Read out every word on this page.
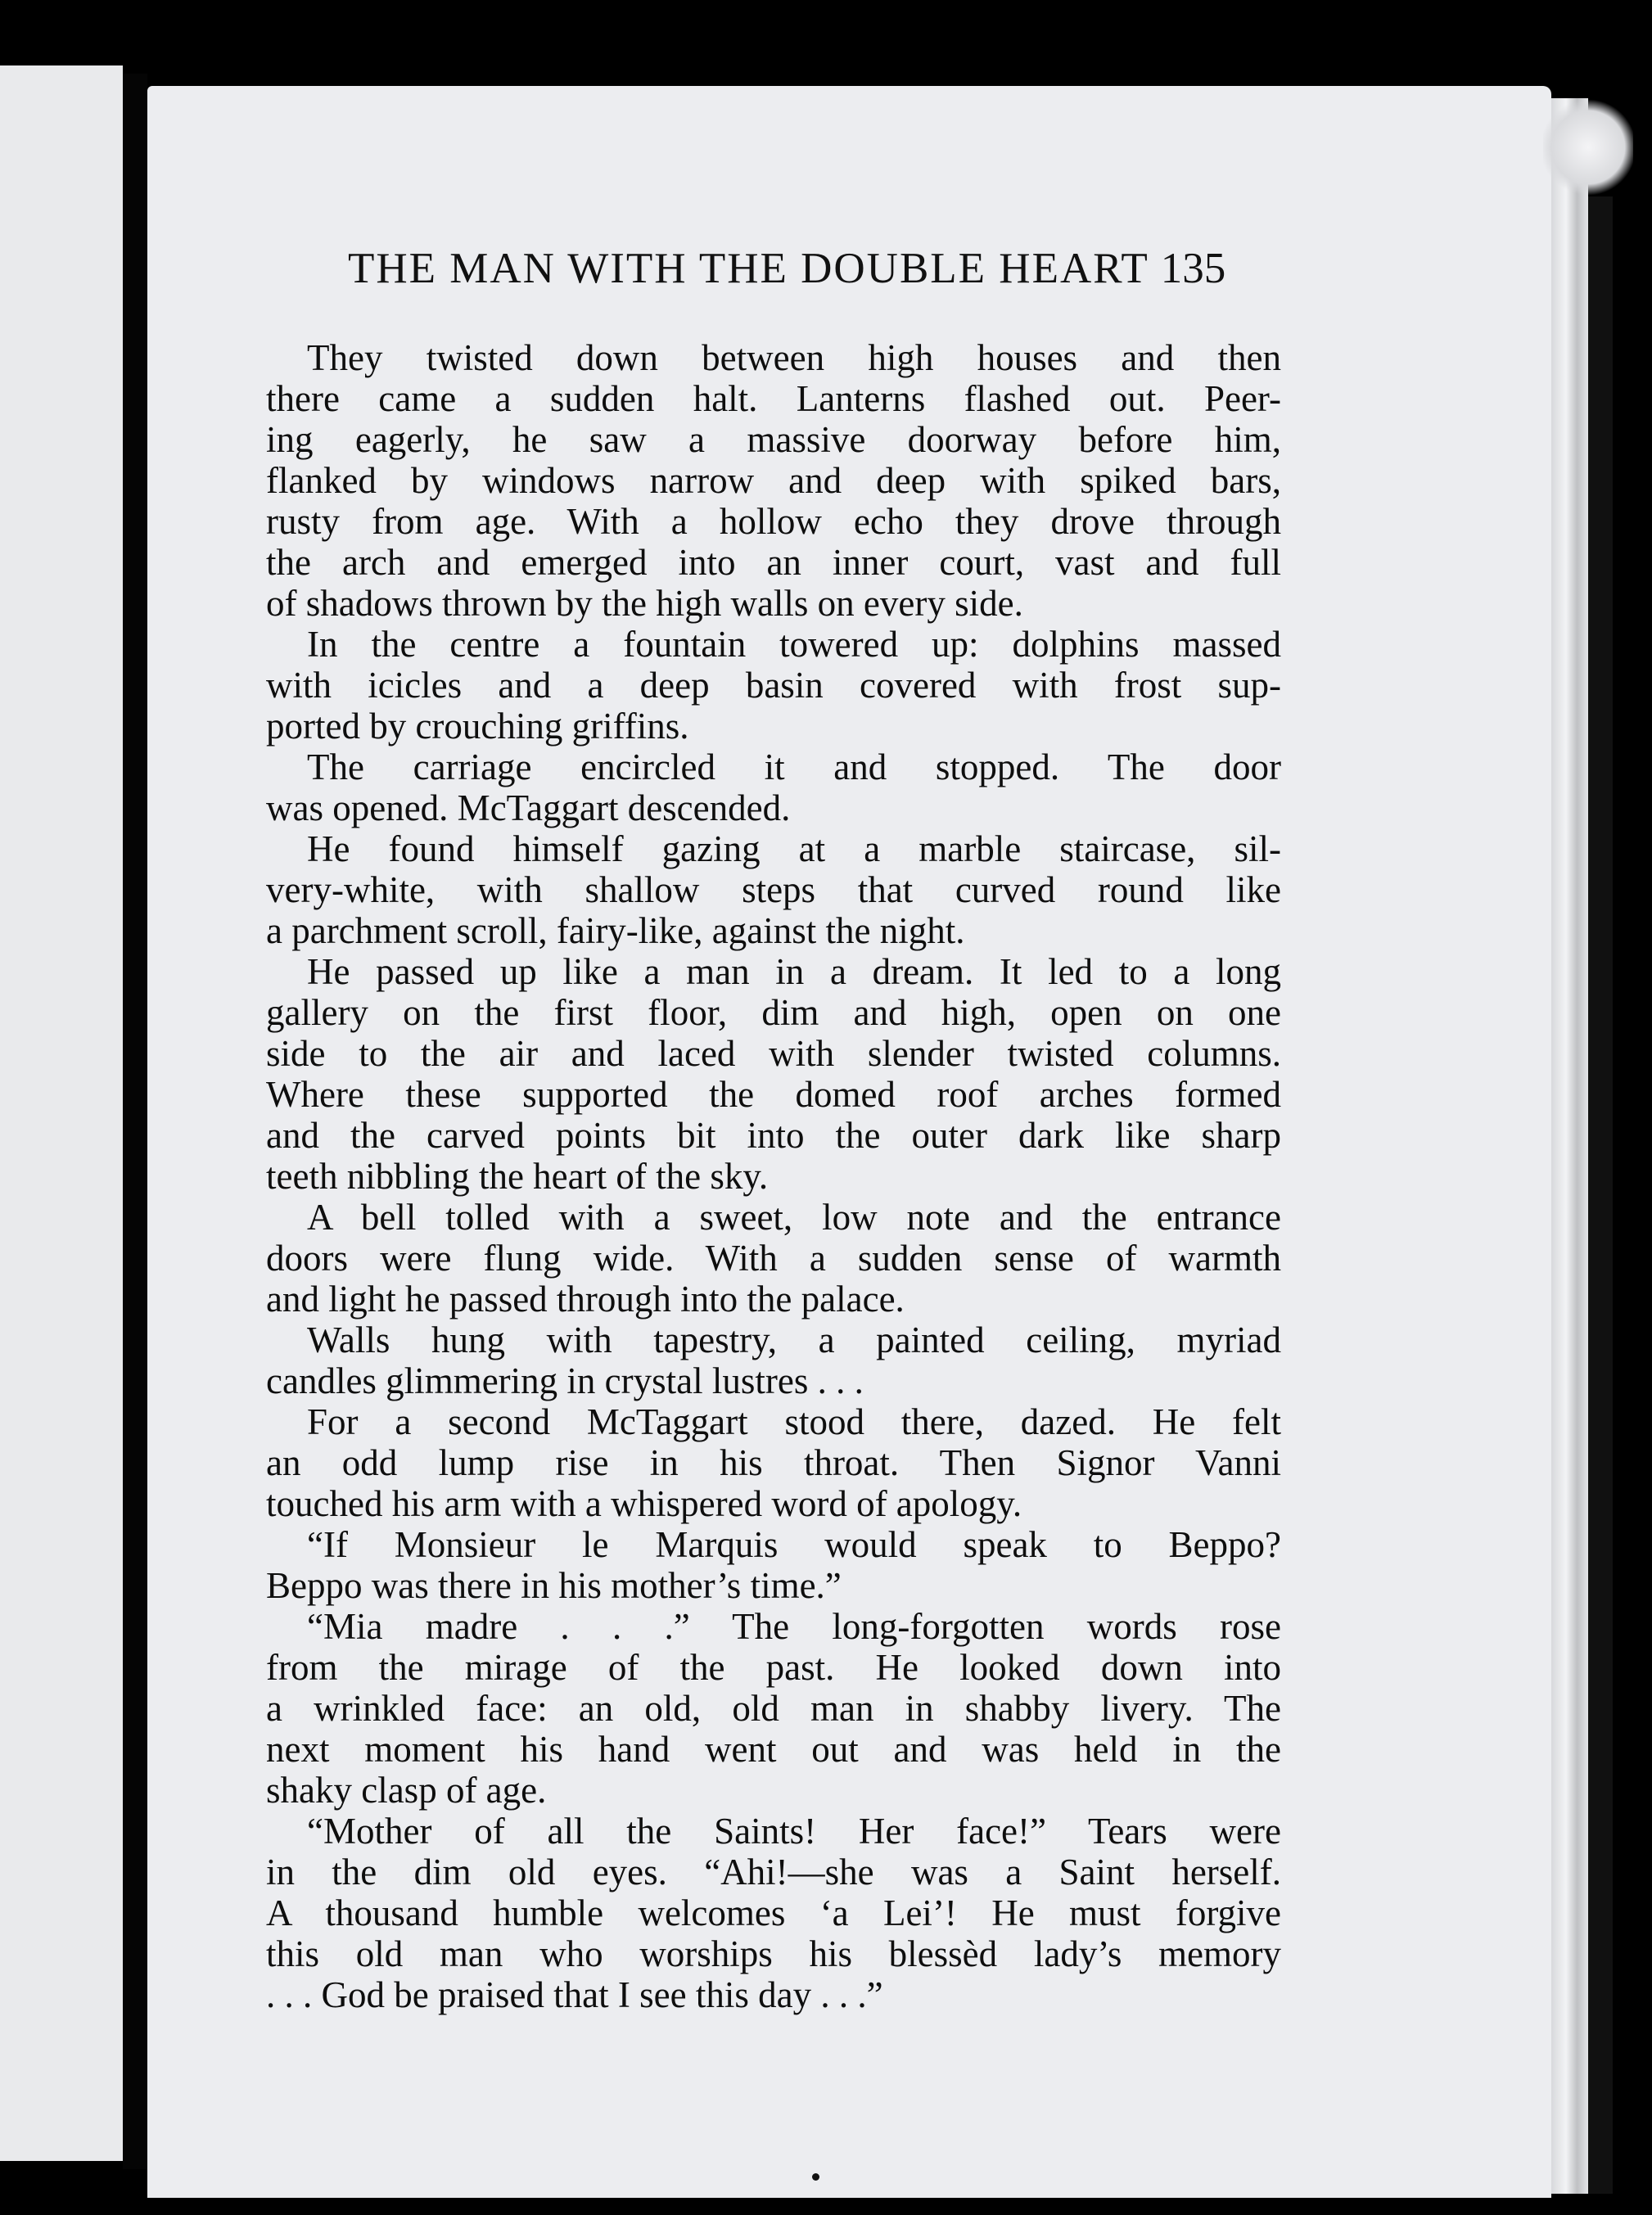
THE MAN WITH THE DOUBLE HEART 135
They twisted down between high houses and then
there came a sudden halt. Lanterns flashed out. Peer-
ing eagerly, he saw a massive doorway before him,
flanked by windows narrow and deep with spiked bars,
rusty from age. With a hollow echo they drove through
the arch and emerged into an inner court, vast and full
of shadows thrown by the high walls on every side.
In the centre a fountain towered up: dolphins massed
with icicles and a deep basin covered with frost sup-
ported by crouching griffins.
The carriage encircled it and stopped. The door
was opened. McTaggart descended.
He found himself gazing at a marble staircase, sil-
very-white, with shallow steps that curved round like
a parchment scroll, fairy-like, against the night.
He passed up like a man in a dream. It led to a long
gallery on the first floor, dim and high, open on one
side to the air and laced with slender twisted columns.
Where these supported the domed roof arches formed
and the carved points bit into the outer dark like sharp
teeth nibbling the heart of the sky.
A bell tolled with a sweet, low note and the entrance
doors were flung wide. With a sudden sense of warmth
and light he passed through into the palace.
Walls hung with tapestry, a painted ceiling, myriad
candles glimmering in crystal lustres . . .
For a second McTaggart stood there, dazed. He felt
an odd lump rise in his throat. Then Signor Vanni
touched his arm with a whispered word of apology.
“If Monsieur le Marquis would speak to Beppo?
Beppo was there in his mother’s time.”
“Mia madre . . .” The long-forgotten words rose
from the mirage of the past. He looked down into
a wrinkled face: an old, old man in shabby livery. The
next moment his hand went out and was held in the
shaky clasp of age.
“Mother of all the Saints! Her face!” Tears were
in the dim old eyes. “Ahi!—she was a Saint herself.
A thousand humble welcomes ‘a Lei’! He must forgive
this old man who worships his blessèd lady’s memory
. . . God be praised that I see this day . . .”
